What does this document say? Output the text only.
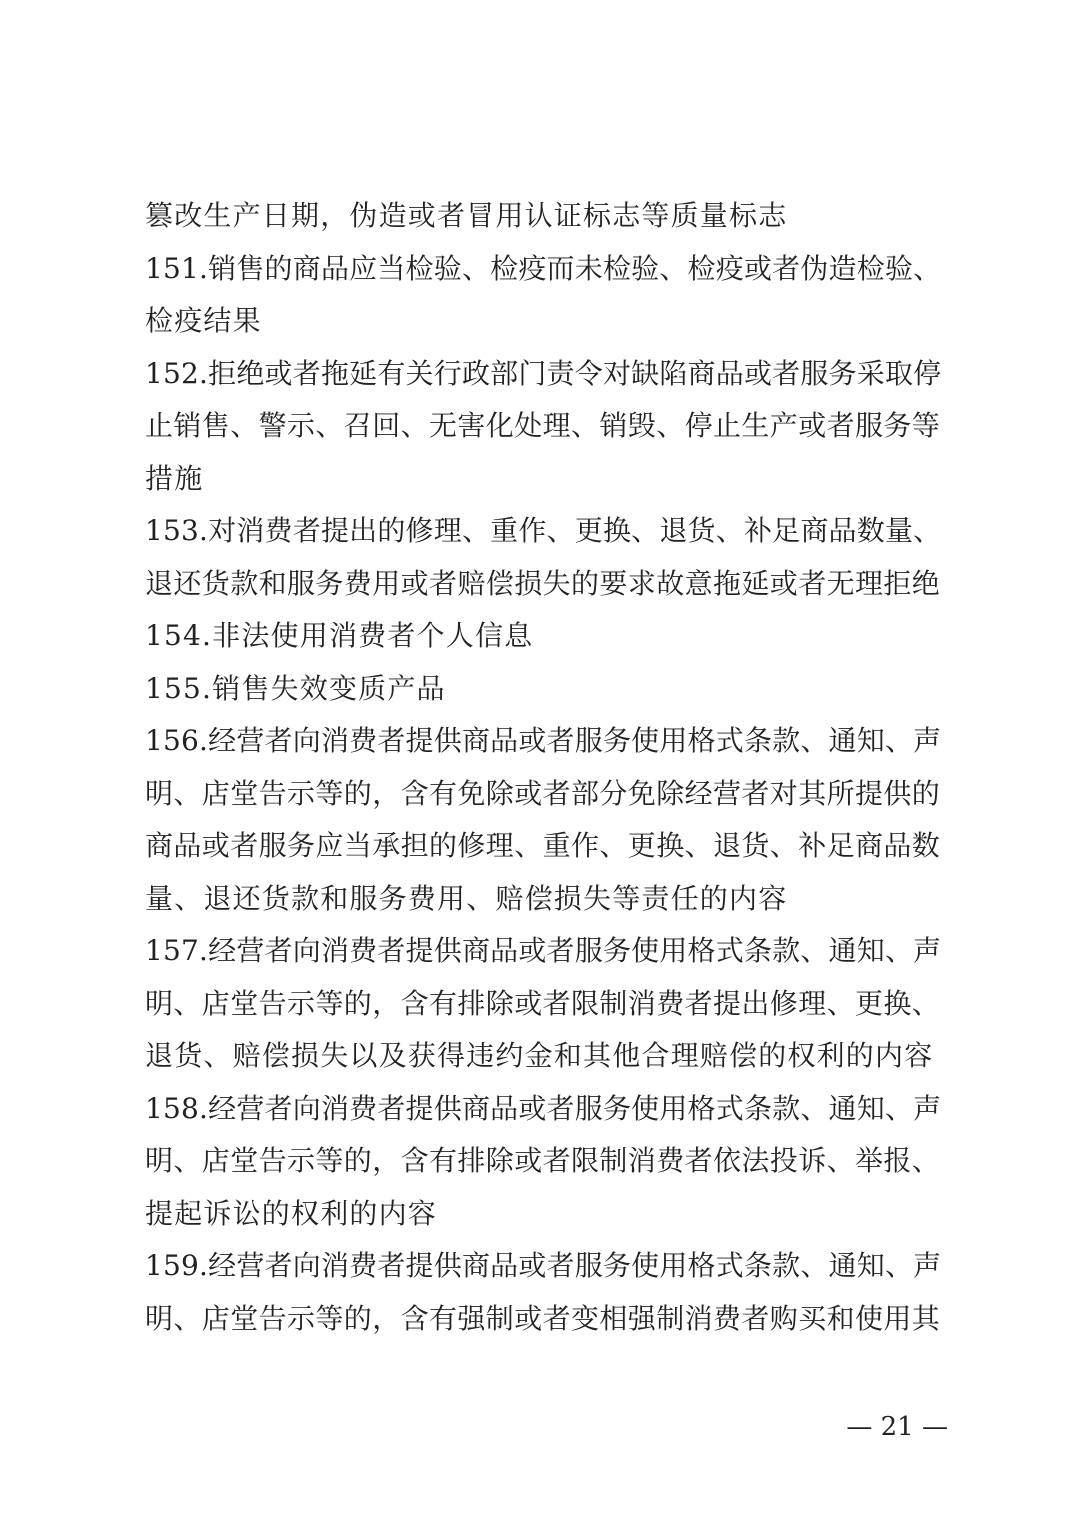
篡改生产日期，伪造或者冒用认证标志等质量标志
151.销售的商品应当检验、检疫而未检验、检疫或者伪造检验、
检疫结果
152.拒绝或者拖延有关行政部门责令对缺陷商品或者服务采取停
止销售、警示、召回、无害化处理、销毁、停止生产或者服务等
措施
153.对消费者提出的修理、重作、更换、退货、补足商品数量、
退还货款和服务费用或者赔偿损失的要求故意拖延或者无理拒绝
154.非法使用消费者个人信息
155.销售失效变质产品
156.经营者向消费者提供商品或者服务使用格式条款、通知、声
明、店堂告示等的，含有免除或者部分免除经营者对其所提供的
商品或者服务应当承担的修理、重作、更换、退货、补足商品数
量、退还货款和服务费用、赔偿损失等责任的内容
157.经营者向消费者提供商品或者服务使用格式条款、通知、声
明、店堂告示等的，含有排除或者限制消费者提出修理、更换、
退货、赔偿损失以及获得违约金和其他合理赔偿的权利的内容
158.经营者向消费者提供商品或者服务使用格式条款、通知、声
明、店堂告示等的，含有排除或者限制消费者依法投诉、举报、
提起诉讼的权利的内容
159.经营者向消费者提供商品或者服务使用格式条款、通知、声
明、店堂告示等的，含有强制或者变相强制消费者购买和使用其
— 21 —
